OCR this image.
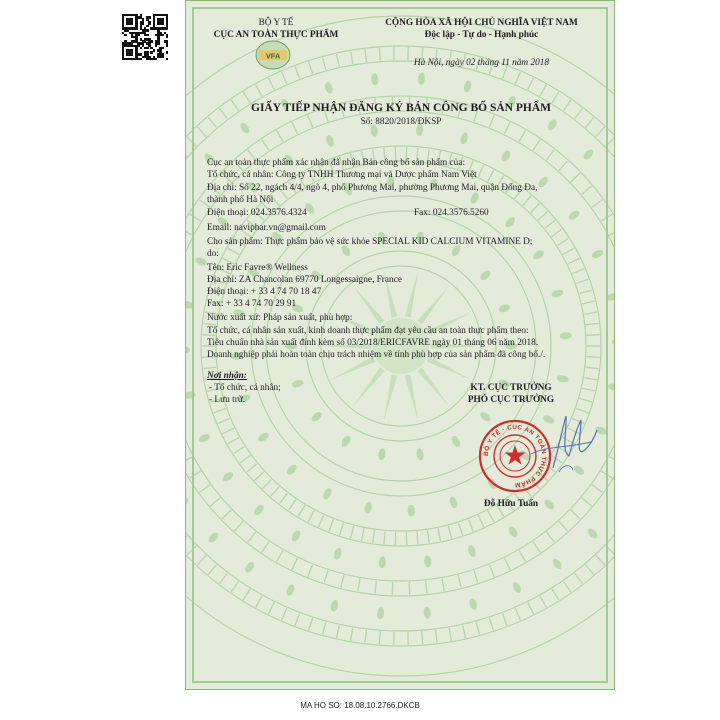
BỘ Y TẾ
CỤC AN TOÀN THỰC PHẨM
VFA
CỘNG HÒA XÃ HỘI CHỦ NGHĨA VIỆT NAM
Độc lập - Tự do - Hạnh phúc
Hà Nội, ngày 02 tháng 11 năm 2018
GIẤY TIẾP NHẬN ĐĂNG KÝ BẢN CÔNG BỐ SẢN PHẨM
Số: 8820/2018/ĐKSP
Cục an toàn thực phẩm xác nhận đã nhận Bản công bố sản phẩm của:
Tổ chức, cá nhân: Công ty TNHH Thương mại và Dược phẩm Nam Việt
Địa chỉ: Số 22, ngách 4/4, ngõ 4, phố Phương Mai, phường Phương Mai, quận Đống Đa,
thành phố Hà Nội
Điện thoại: 024.3576.4324	Fax: 024.3576.5260
Email: naviphar.vn@gmail.com
Cho sản phẩm: Thực phẩm bảo vệ sức khỏe SPECIAL KID CALCIUM VITAMINE D;
do:
Tên: Eric Favre® Wellness
Địa chỉ: ZA Chancolan 69770 Longessaigne, France
Điện thoại: + 33 4 74 70 18 47
Fax: + 33 4 74 70 29 91
Nước xuất xứ: Pháp sản xuất, phù hợp:
Tổ chức, cá nhân sản xuất, kinh doanh thực phẩm đạt yêu cầu an toàn thực phẩm theo:
Tiêu chuẩn nhà sản xuất đính kèm số 03/2018/ERICFAVRE ngày 01 tháng 06 năm 2018.
Doanh nghiệp phải hoàn toàn chịu trách nhiệm về tính phù hợp của sản phẩm đã công bố./.
Nơi nhận:
- Tổ chức, cá nhân;
- Lưu trữ.
KT. CỤC TRƯỞNG
PHÓ CỤC TRƯỞNG
BỘ Y TẾ · CỤC AN TOÀN THỰC PHẨM
Đỗ Hữu Tuấn
MA HO SO: 18.08.10.2766.DKCB
